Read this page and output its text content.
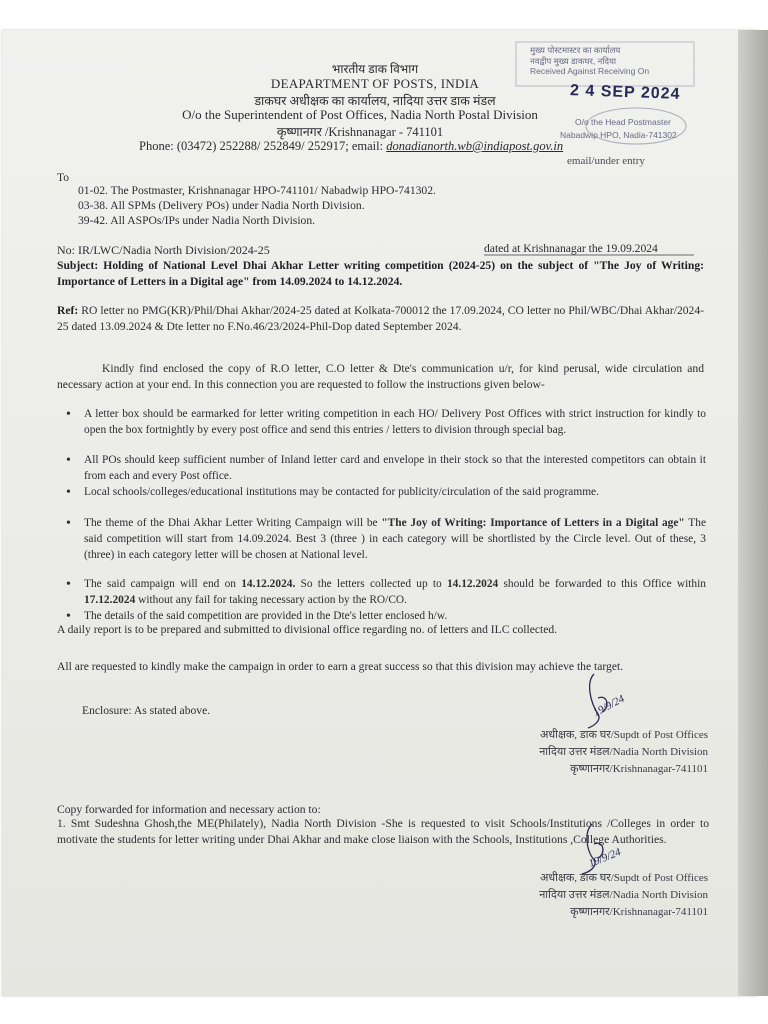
भारतीय डाक विभाग
DEAPARTMENT OF POSTS, INDIA
डाकघर अधीक्षक का कार्यालय, नादिया उत्तर डाक मंडल
O/o the Superintendent of Post Offices, Nadia North Postal Division
कृष्णानगर /Krishnanagar - 741101
Phone: (03472) 252288/ 252849/ 252917; email: donadianorth.wb@indiapost.gov.in
email/under entry
मुख्य पोस्टमास्टर का कार्यालय
नवद्वीप मुख्य डाकघर, नदिया
Received Against Receiving On
2 4 SEP 2024
O/o the Head Postmaster
Nabadwip HPO, Nadia-741302
To
01-02. The Postmaster, Krishnanagar HPO-741101/ Nabadwip HPO-741302.
03-38. All SPMs (Delivery POs) under Nadia North Division.
39-42. All ASPOs/IPs under Nadia North Division.
No: IR/LWC/Nadia North Division/2024-25	dated at Krishnanagar the 19.09.2024
Subject: Holding of National Level Dhai Akhar Letter writing competition (2024-25) on the subject of "The Joy of Writing: Importance of Letters in a Digital age" from 14.09.2024 to 14.12.2024.
Ref: RO letter no PMG(KR)/Phil/Dhai Akhar/2024-25 dated at Kolkata-700012 the 17.09.2024, CO letter no Phil/WBC/Dhai Akhar/2024-25 dated 13.09.2024 & Dte letter no F.No.46/23/2024-Phil-Dop dated September 2024.
Kindly find enclosed the copy of R.O letter, C.O letter & Dte's communication u/r, for kind perusal, wide circulation and necessary action at your end. In this connection you are requested to follow the instructions given below-
• A letter box should be earmarked for letter writing competition in each HO/ Delivery Post Offices with strict instruction for kindly to open the box fortnightly by every post office and send this entries / letters to division through special bag.
• All POs should keep sufficient number of Inland letter card and envelope in their stock so that the interested competitors can obtain it from each and every Post office.
• Local schools/colleges/educational institutions may be contacted for publicity/circulation of the said programme.
• The theme of the Dhai Akhar Letter Writing Campaign will be "The Joy of Writing: Importance of Letters in a Digital age" The said competition will start from 14.09.2024. Best 3 (three ) in each category will be shortlisted by the Circle level. Out of these, 3 (three) in each category letter will be chosen at National level.
• The said campaign will end on 14.12.2024. So the letters collected up to 14.12.2024 should be forwarded to this Office within 17.12.2024 without any fail for taking necessary action by the RO/CO.
• The details of the said competition are provided in the Dte's letter enclosed h/w.
A daily report is to be prepared and submitted to divisional office regarding no. of letters and ILC collected.
All are requested to kindly make the campaign in order to earn a great success so that this division may achieve the target.
Enclosure: As stated above.	19/9/24
अधीक्षक, डाक घर/Supdt of Post Offices
नादिया उत्तर मंडल/Nadia North Division
कृष्णानगर/Krishnanagar-741101
Copy forwarded for information and necessary action to:
1. Smt Sudeshna Ghosh,the ME(Philately), Nadia North Division -She is requested to visit Schools/Institutions /Colleges in order to motivate the students for letter writing under Dhai Akhar and make close liaison with the Schools, Institutions ,College Authorities.
19/9/24
अधीक्षक, डाक घर/Supdt of Post Offices
नादिया उत्तर मंडल/Nadia North Division
कृष्णानगर/Krishnanagar-741101
